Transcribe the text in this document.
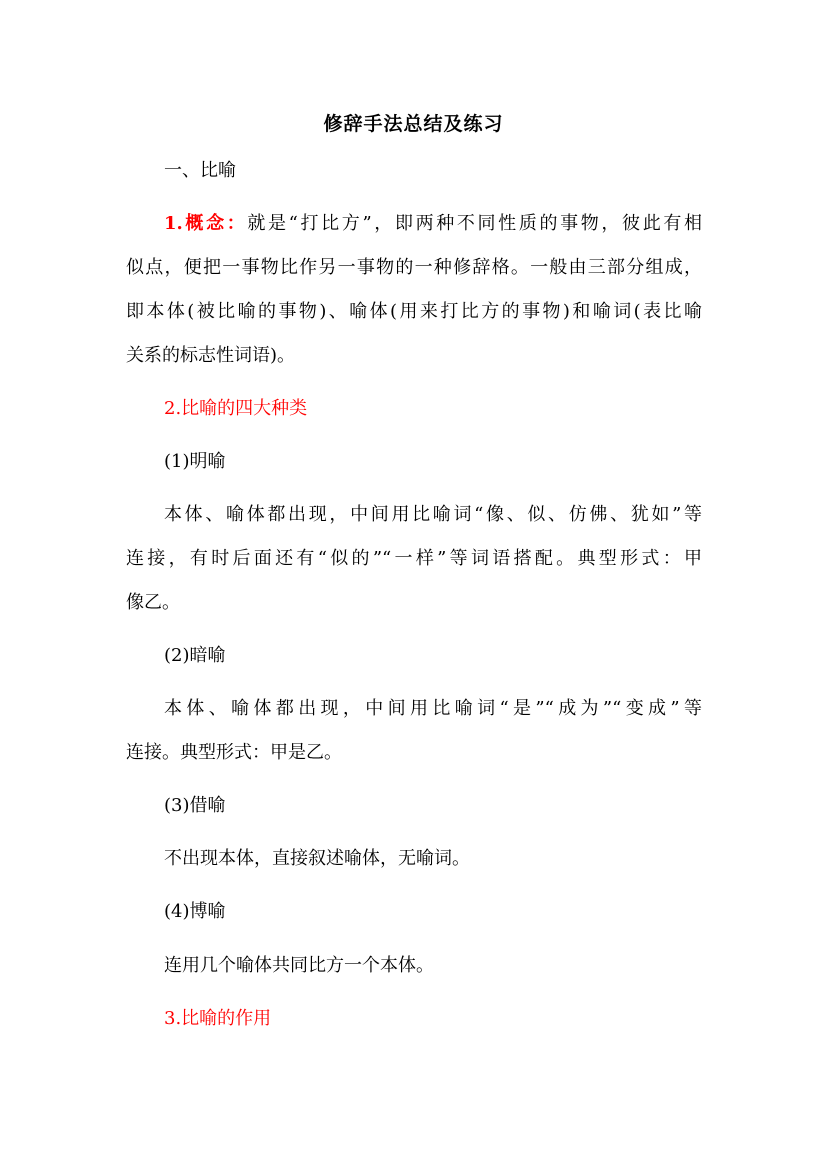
修辞手法总结及练习
一、比喻
1.概念：就是“打比方”，即两种不同性质的事物，彼此有相
似点，便把一事物比作另一事物的一种修辞格。一般由三部分组成，
即本体(被比喻的事物)、喻体(用来打比方的事物)和喻词(表比喻
关系的标志性词语)。
2.比喻的四大种类
(1)明喻
本体、喻体都出现，中间用比喻词“像、似、仿佛、犹如”等
连接，有时后面还有“似的”“一样”等词语搭配。典型形式：甲
像乙。
(2)暗喻
本体、喻体都出现，中间用比喻词“是”“成为”“变成”等
连接。典型形式：甲是乙。
(3)借喻
不出现本体，直接叙述喻体，无喻词。
(4)博喻
连用几个喻体共同比方一个本体。
3.比喻的作用
